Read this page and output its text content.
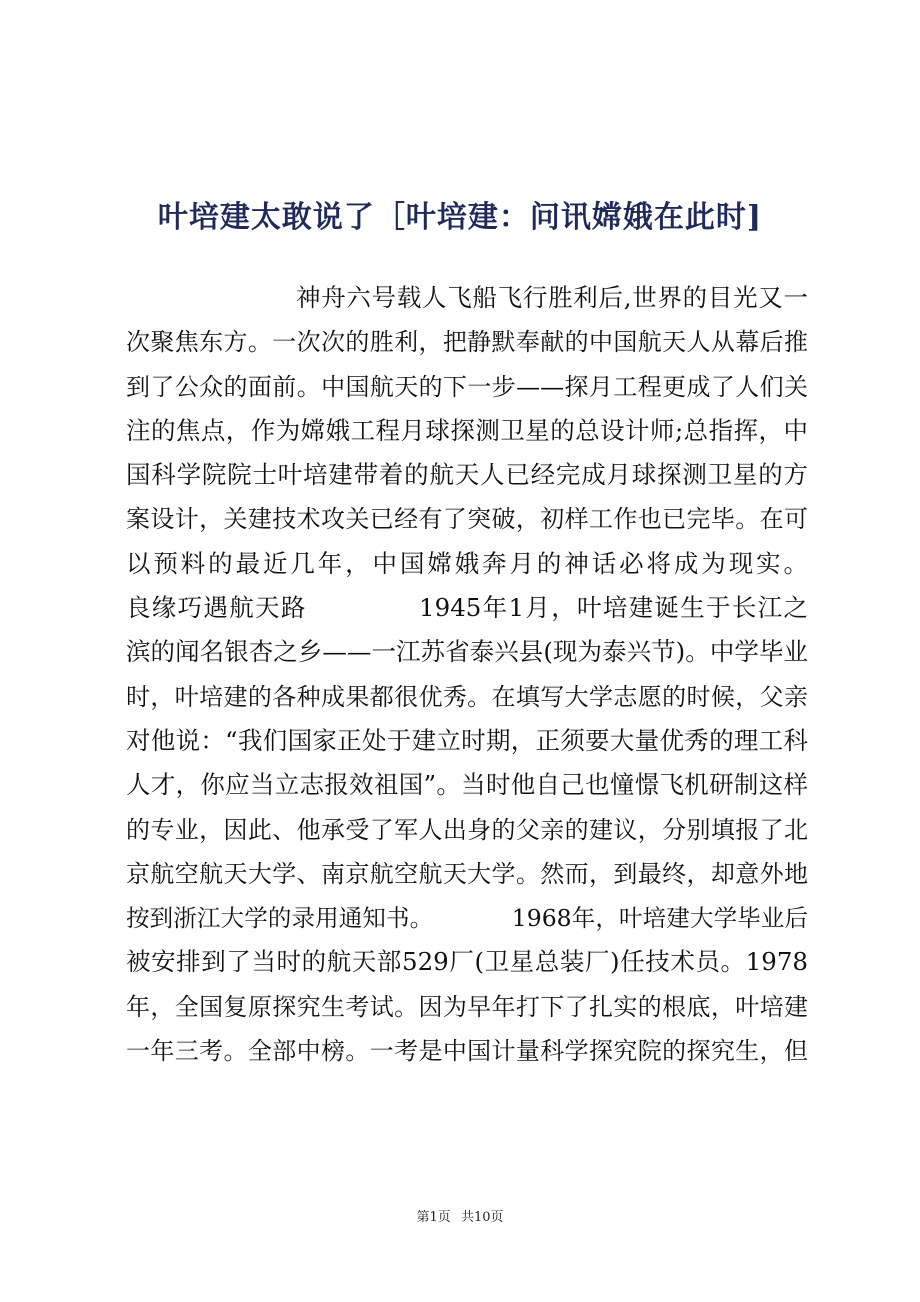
叶培建太敢说了［叶培建：问讯嫦娥在此时]
神舟六号载人飞船飞行胜利后,世界的目光又一
次聚焦东方。一次次的胜利，把静默奉献的中国航天人从幕后推
到了公众的面前。中国航天的下一步——探月工程更成了人们关
注的焦点，作为嫦娥工程月球探测卫星的总设计师;总指挥，中
国科学院院士叶培建带着的航天人已经完成月球探测卫星的方
案设计，关建技术攻关已经有了突破，初样工作也已完毕。在可
以预料的最近几年，中国嫦娥奔月的神话必将成为现实。
良缘巧遇航天路 　　　　1945年1月，叶培建诞生于长江之
滨的闻名银杏之乡——一江苏省泰兴县(现为泰兴节)。中学毕业
时，叶培建的各种成果都很优秀。在填写大学志愿的时候，父亲
对他说：“我们国家正处于建立时期，正须要大量优秀的理工科
人才，你应当立志报效祖国”。当时他自己也憧憬飞机研制这样
的专业，因此、他承受了军人出身的父亲的建议，分别填报了北
京航空航天大学、南京航空航天大学。然而，到最终，却意外地
按到浙江大学的录用通知书。 　　　1968年，叶培建大学毕业后
被安排到了当时的航天部529厂(卫星总装厂)任技术员。1978
年，全国复原探究生考试。因为早年打下了扎实的根底，叶培建
一年三考。全部中榜。一考是中国计量科学探究院的探究生，但
第1页 共10页
